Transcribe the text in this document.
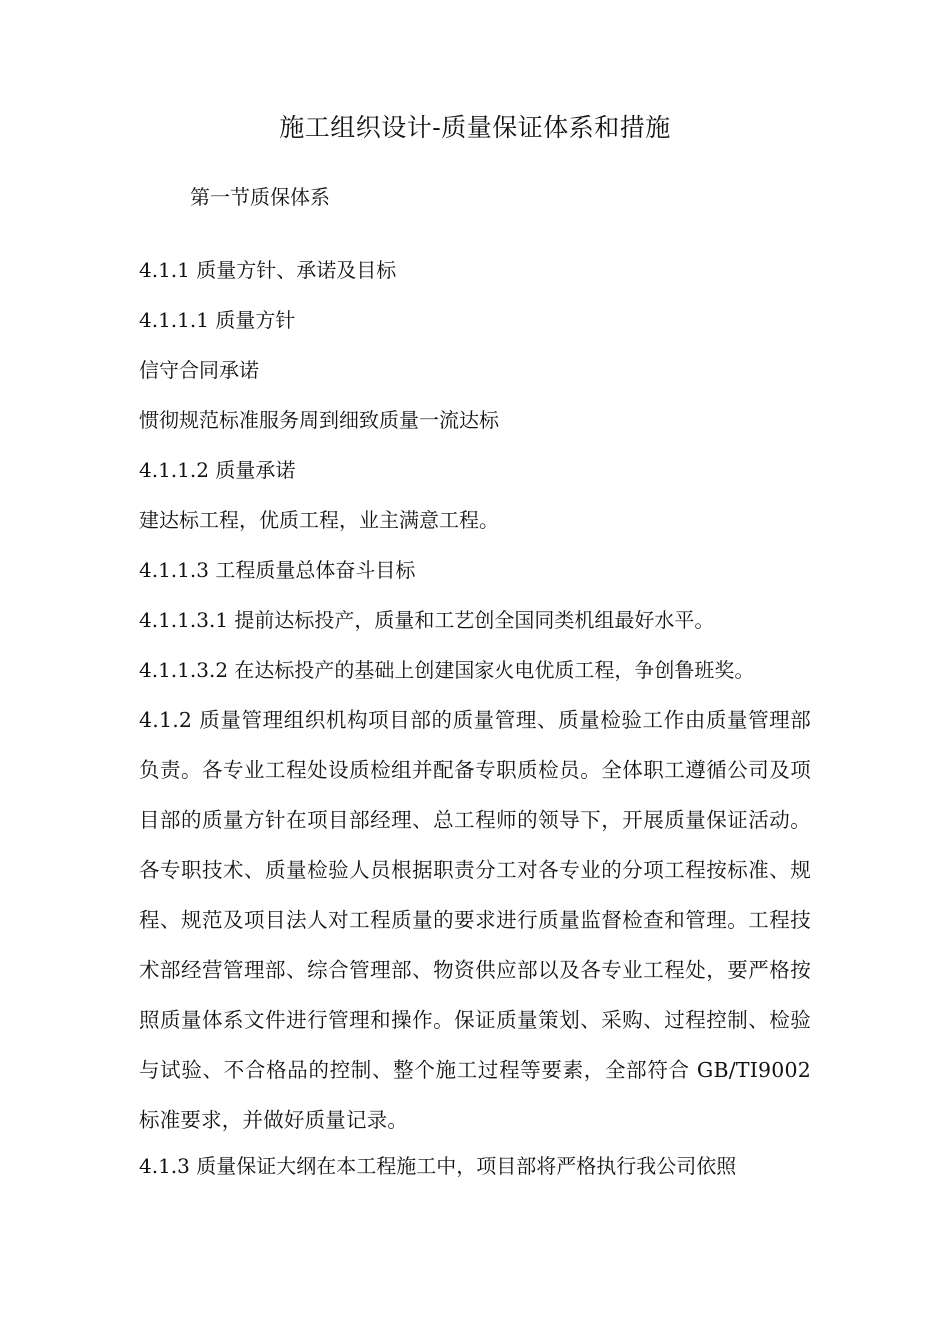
施工组织设计-质量保证体系和措施
第一节质保体系

4.1.1 质量方针、承诺及目标

4.1.1.1 质量方针

信守合同承诺

惯彻规范标准服务周到细致质量一流达标

4.1.1.2 质量承诺

建达标工程，优质工程，业主满意工程。

4.1.1.3 工程质量总体奋斗目标

4.1.1.3.1 提前达标投产，质量和工艺创全国同类机组最好水平。

4.1.1.3.2 在达标投产的基础上创建国家火电优质工程，争创鲁班奖。

4.1.2 质量管理组织机构项目部的质量管理、质量检验工作由质量管理部负责。各专业工程处设质检组并配备专职质检员。全体职工遵循公司及项目部的质量方针在项目部经理、总工程师的领导下，开展质量保证活动。各专职技术、质量检验人员根据职责分工对各专业的分项工程按标准、规程、规范及项目法人对工程质量的要求进行质量监督检查和管理。工程技术部经营管理部、综合管理部、物资供应部以及各专业工程处，要严格按照质量体系文件进行管理和操作。保证质量策划、采购、过程控制、检验与试验、不合格品的控制、整个施工过程等要素，全部符合 GB/TI9002 标准要求，并做好质量记录。

4.1.3 质量保证大纲在本工程施工中，项目部将严格执行我公司依照
